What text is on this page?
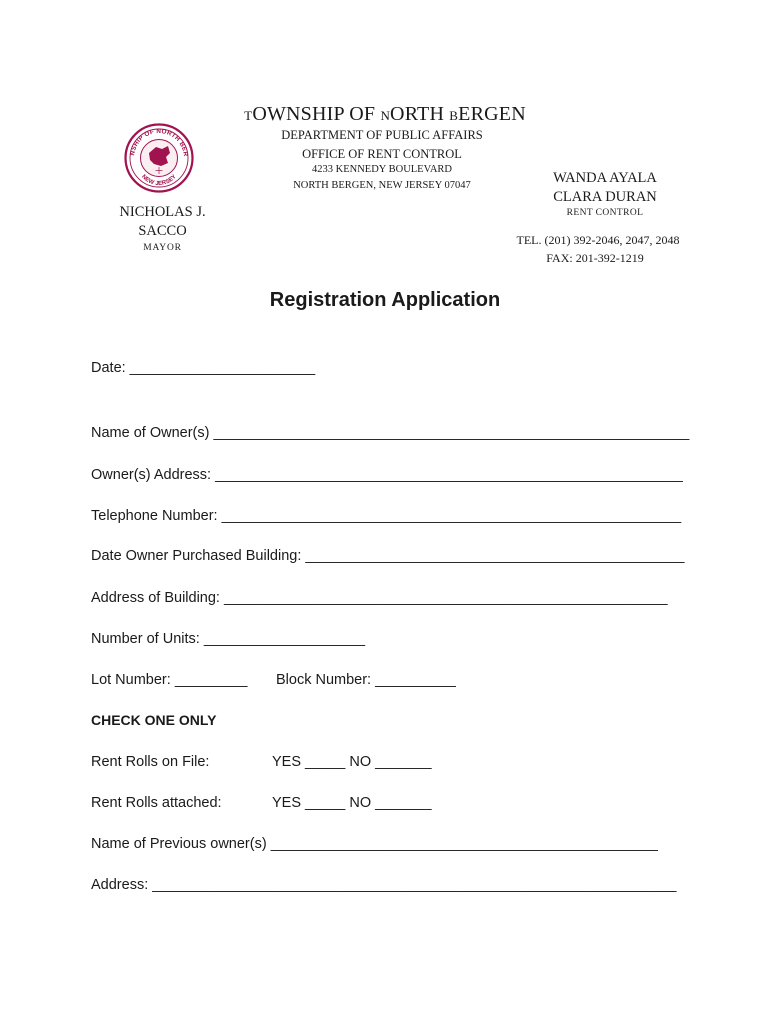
TOWNSHIP OF NORTH BERGEN
DEPARTMENT OF PUBLIC AFFAIRS
OFFICE OF RENT CONTROL
4233 KENNEDY BOULEVARD
NORTH BERGEN, NEW JERSEY 07047
NSHIP OF NORTH BER
NEW JERSEY
NICHOLAS J.
SACCO
MAYOR
WANDA AYALA
CLARA DURAN
RENT CONTROL
TEL. (201) 392-2046, 2047, 2048
FAX: 201-392-1219
Registration Application
Date: _______________________
Name of Owner(s) ___________________________________________________________
Owner(s) Address: __________________________________________________________
Telephone Number: _________________________________________________________
Date Owner Purchased Building: _______________________________________________
Address of Building: _______________________________________________________
Number of Units: ____________________
Lot Number: _________ Block Number: __________
CHECK ONE ONLY
Rent Rolls on File:	YES _____ NO _______
Rent Rolls attached:	YES _____ NO _______
Name of Previous owner(s) ________________________________________________
Address: _________________________________________________________________
